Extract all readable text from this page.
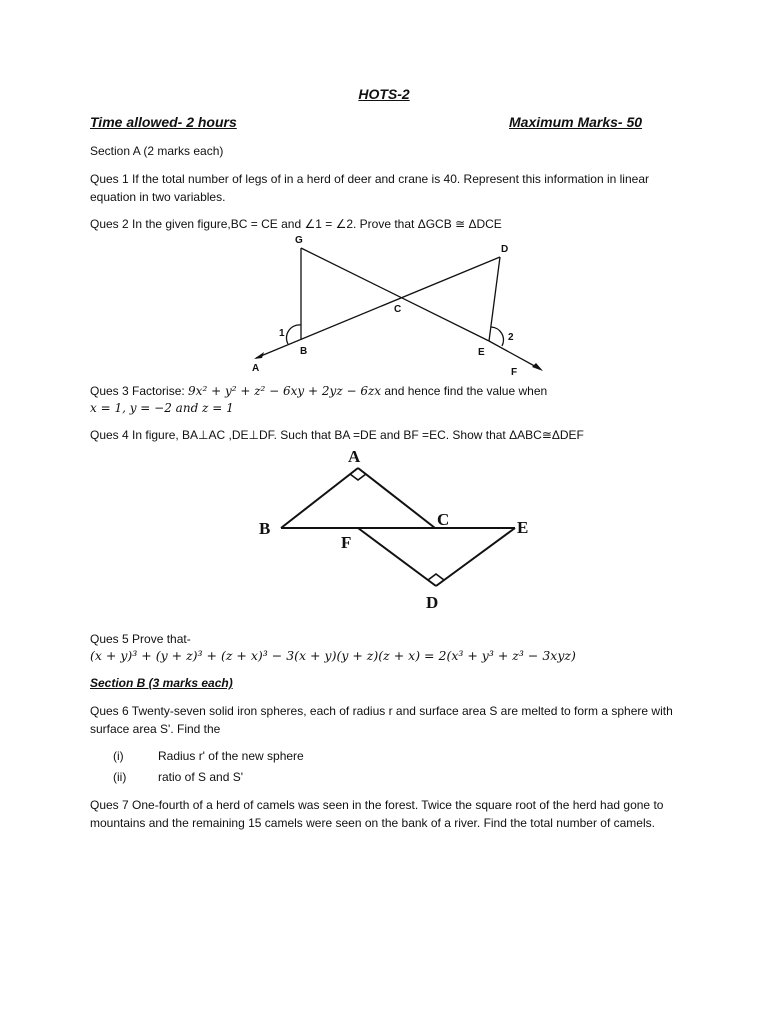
HOTS-2
Time allowed- 2 hours	Maximum Marks- 50
Section A (2 marks each)
Ques 1 If the total number of legs of in a herd of deer and crane is 40. Represent this information in linear equation in two variables.
Ques 2 In the given figure,BC = CE and ∠1 = ∠2. Prove that ΔGCB ≅ ΔDCE
G
D
C
1	2
B	E
A	F
Ques 3 Factorise: 9x² + y² + z² − 6xy + 2yz − 6zx and hence find the value when
x = 1, y = −2 and z = 1
Ques 4 In figure, BA⊥AC ,DE⊥DF. Such that BA =DE and BF =EC. Show that ΔABC≅ΔDEF
A
B	C	E
F
D
Ques 5 Prove that-
(x + y)³ + (y + z)³ + (z + x)³ − 3(x + y)(y + z)(z + x) = 2(x³ + y³ + z³ − 3xyz)
Section B (3 marks each)
Ques 6 Twenty-seven solid iron spheres, each of radius r and surface area S are melted to form a sphere with surface area S'. Find the
(i)	Radius r' of the new sphere
(ii)	ratio of S and S'
Ques 7 One-fourth of a herd of camels was seen in the forest. Twice the square root of the herd had gone to mountains and the remaining 15 camels were seen on the bank of a river. Find the total number of camels.
